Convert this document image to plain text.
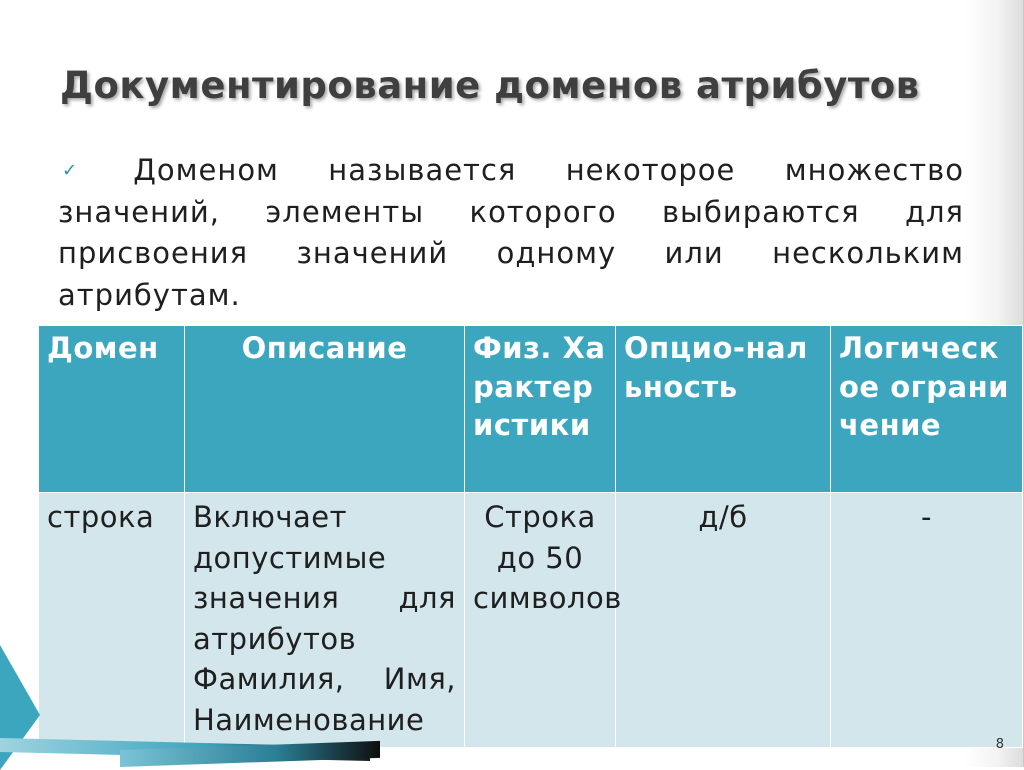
Документирование доменов атрибутов
✓ Доменом называется некоторое множество значений, элементы которого выбираются для присвоения значений одному или нескольким атрибутам.
Домен	Описание	Физ. Характеристики	Опцио-нальность	Логическое ограничение
строка	Включает допустимые значения для атрибутов Фамилия, Имя, Наименование	Строка до 50 символов	д/б	-
8
